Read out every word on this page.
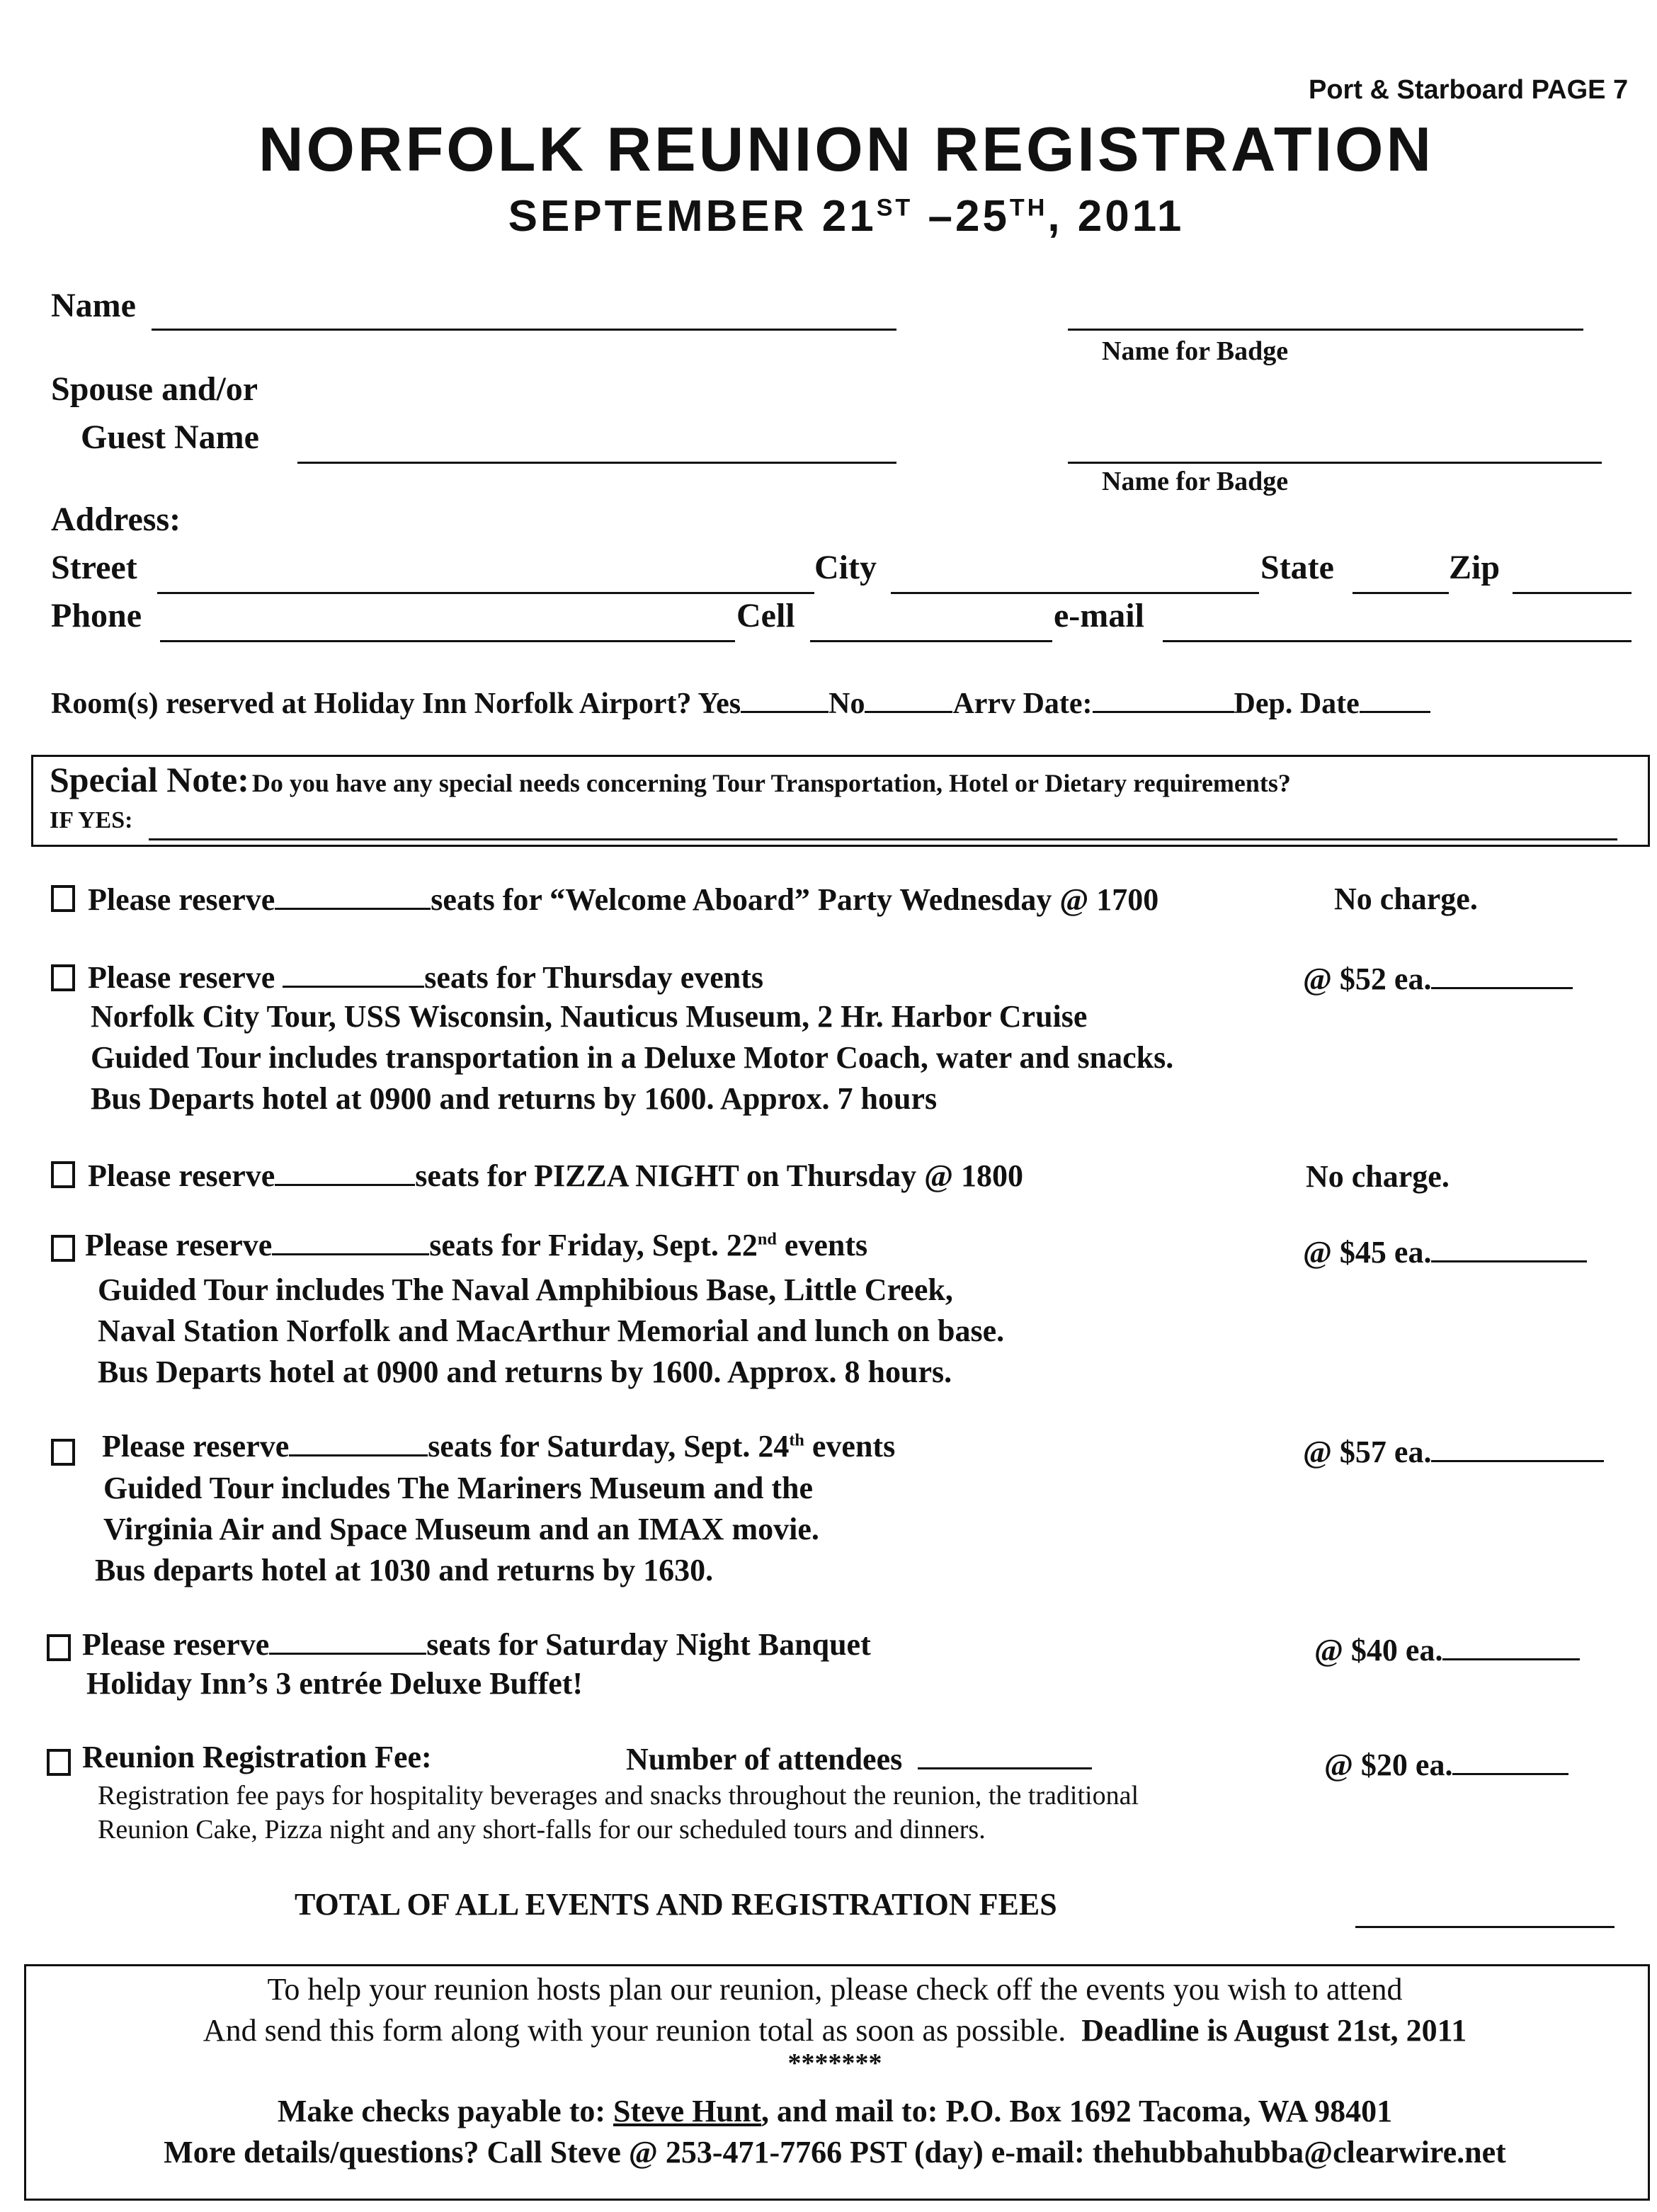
Port & Starboard PAGE 7
NORFOLK REUNION REGISTRATION
SEPTEMBER 21ST –25TH, 2011
Name
Name for Badge
Spouse and/or
Guest Name
Name for Badge
Address:
Street	City	State	Zip
Phone	Cell	e-mail
Room(s) reserved at Holiday Inn Norfolk Airport? Yes	No	Arrv Date:	Dep. Date
Special Note: Do you have any special needs concerning Tour Transportation, Hotel or Dietary requirements?
IF YES:
Please reserve	seats for “Welcome Aboard” Party Wednesday @ 1700	No charge.
Please reserve	seats for Thursday events	@ $52 ea.
Norfolk City Tour, USS Wisconsin, Nauticus Museum, 2 Hr. Harbor Cruise
Guided Tour includes transportation in a Deluxe Motor Coach, water and snacks.
Bus Departs hotel at 0900 and returns by 1600. Approx. 7 hours
Please reserve	seats for PIZZA NIGHT on Thursday @ 1800	No charge.
Please reserve	seats for Friday, Sept. 22nd events	@ $45 ea.
Guided Tour includes The Naval Amphibious Base, Little Creek,
Naval Station Norfolk and MacArthur Memorial and lunch on base.
Bus Departs hotel at 0900 and returns by 1600. Approx. 8 hours.
Please reserve	seats for Saturday, Sept. 24th events	@ $57 ea.
Guided Tour includes The Mariners Museum and the
Virginia Air and Space Museum and an IMAX movie.
Bus departs hotel at 1030 and returns by 1630.
Please reserve	seats for Saturday Night Banquet	@ $40 ea.
Holiday Inn’s 3 entrée Deluxe Buffet!
Reunion Registration Fee:	Number of attendees	@ $20 ea.
Registration fee pays for hospitality beverages and snacks throughout the reunion, the traditional
Reunion Cake, Pizza night and any short-falls for our scheduled tours and dinners.
TOTAL OF ALL EVENTS AND REGISTRATION FEES
To help your reunion hosts plan our reunion, please check off the events you wish to attend
And send this form along with your reunion total as soon as possible. Deadline is August 21st, 2011
*******
Make checks payable to: Steve Hunt, and mail to: P.O. Box 1692 Tacoma, WA 98401
More details/questions? Call Steve @ 253-471-7766 PST (day) e-mail: thehubbahubba@clearwire.net
